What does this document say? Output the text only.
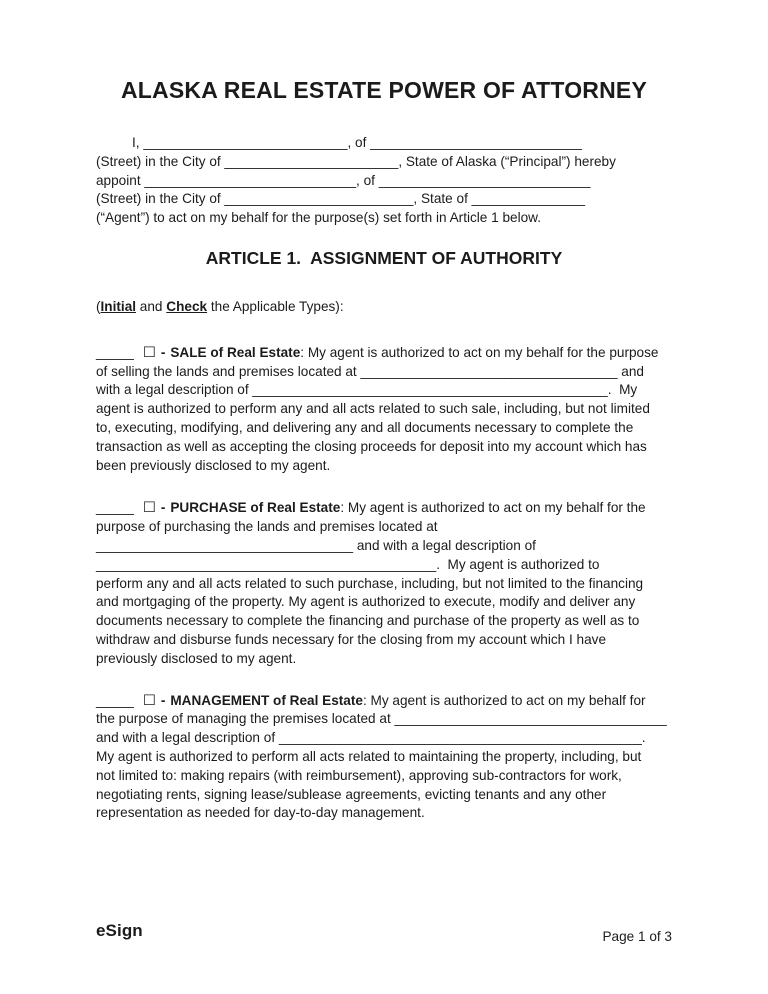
ALASKA REAL ESTATE POWER OF ATTORNEY
I, ___________________________, of ____________________________
(Street) in the City of _______________________, State of Alaska (“Principal”) hereby
appoint ____________________________, of ____________________________
(Street) in the City of _________________________, State of _______________
(“Agent”) to act on my behalf for the purpose(s) set forth in Article 1 below.
ARTICLE 1.  ASSIGNMENT OF AUTHORITY
(Initial and Check the Applicable Types):
_____ ☐ - SALE of Real Estate: My agent is authorized to act on my behalf for the purpose
of selling the lands and premises located at __________________________________ and
with a legal description of _______________________________________________.  My
agent is authorized to perform any and all acts related to such sale, including, but not limited
to, executing, modifying, and delivering any and all documents necessary to complete the
transaction as well as accepting the closing proceeds for deposit into my account which has
been previously disclosed to my agent.
_____ ☐ - PURCHASE of Real Estate: My agent is authorized to act on my behalf for the
purpose of purchasing the lands and premises located at
__________________________________ and with a legal description of
_____________________________________________.  My agent is authorized to
perform any and all acts related to such purchase, including, but not limited to the financing
and mortgaging of the property. My agent is authorized to execute, modify and deliver any
documents necessary to complete the financing and purchase of the property as well as to
withdraw and disburse funds necessary for the closing from my account which I have
previously disclosed to my agent.
_____ ☐ - MANAGEMENT of Real Estate: My agent is authorized to act on my behalf for
the purpose of managing the premises located at ____________________________________
and with a legal description of ________________________________________________.
My agent is authorized to perform all acts related to maintaining the property, including, but
not limited to: making repairs (with reimbursement), approving sub-contractors for work,
negotiating rents, signing lease/sublease agreements, evicting tenants and any other
representation as needed for day-to-day management.
eSign	Page 1 of 3
